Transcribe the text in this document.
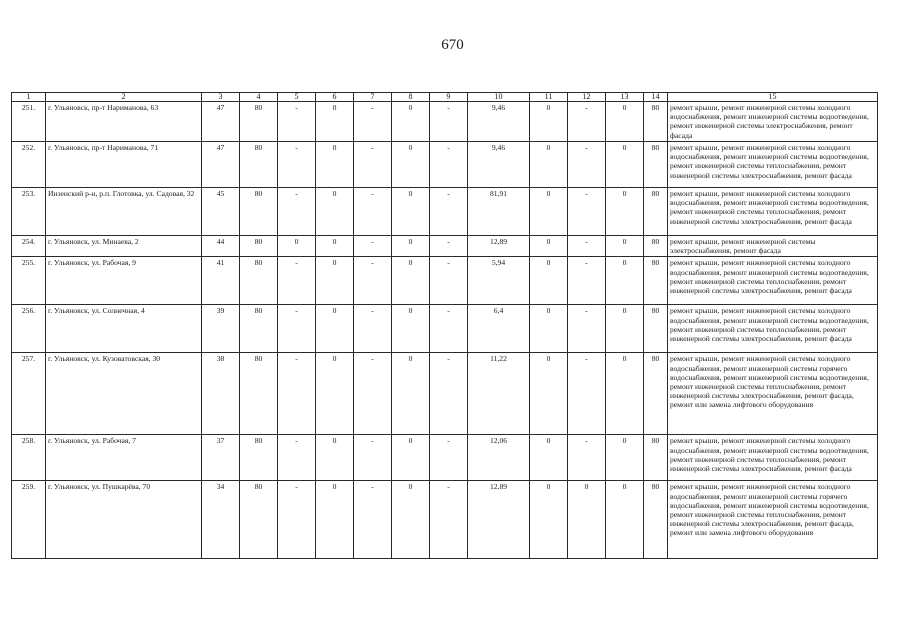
670
1	2	3	4	5	6	7	8	9	10	11	12	13	14	15
251.	г. Ульяновск, пр-т Нариманова, 63	47	80	-	0	-	0	-	9,46	0	-	0	80	ремонт крыши, ремонт инженерной системы холодного водоснабжения, ремонт инженерной системы водоотведения, ремонт инженерной системы электроснабжения, ремонт фасада
252.	г. Ульяновск, пр-т Нариманова, 71	47	80	-	0	-	0	-	9,46	0	-	0	80	ремонт крыши, ремонт инженерной системы холодного водоснабжения, ремонт инженерной системы водоотведения, ремонт инженерной системы теплоснабжения, ремонт инженерной системы электроснабжения, ремонт фасада
253.	Инзенский р-н, р.п. Глотовка, ул. Садовая, 32	45	80	-	0	-	0	-	81,91	0	-	0	80	ремонт крыши, ремонт инженерной системы холодного водоснабжения, ремонт инженерной системы водоотведения, ремонт инженерной системы теплоснабжения, ремонт инженерной системы электроснабжения, ремонт фасада
254.	г. Ульяновск, ул. Минаева, 2	44	80	0	0	-	0	-	12,89	0	-	0	80	ремонт крыши, ремонт инженерной системы электроснабжения, ремонт фасада
255.	г. Ульяновск, ул. Рабочая, 9	41	80	-	0	-	0	-	5,94	0	-	0	80	ремонт крыши, ремонт инженерной системы холодного водоснабжения, ремонт инженерной системы водоотведения, ремонт инженерной системы теплоснабжения, ремонт инженерной системы электроснабжения, ремонт фасада
256.	г. Ульяновск, ул. Солнечная, 4	39	80	-	0	-	0	-	6,4	0	-	0	80	ремонт крыши, ремонт инженерной системы холодного водоснабжения, ремонт инженерной системы водоотведения, ремонт инженерной системы теплоснабжения, ремонт инженерной системы электроснабжения, ремонт фасада
257.	г. Ульяновск, ул. Кузоватовская, 30	38	80	-	0	-	0	-	11,22	0	-	0	80	ремонт крыши, ремонт инженерной системы холодного водоснабжения, ремонт инженерной системы горячего водоснабжения, ремонт инженерной системы водоотведения, ремонт инженерной системы теплоснабжения, ремонт инженерной системы электроснабжения, ремонт фасада, ремонт или замена лифтового оборудования
258.	г. Ульяновск, ул. Рабочая, 7	37	80	-	0	-	0	-	12,06	0	-	0	80	ремонт крыши, ремонт инженерной системы холодного водоснабжения, ремонт инженерной системы водоотведения, ремонт инженерной системы теплоснабжения, ремонт инженерной системы электроснабжения, ремонт фасада
259.	г. Ульяновск, ул. Пушкарёва, 70	34	80	-	0	-	0	-	12,89	0	0	0	80	ремонт крыши, ремонт инженерной системы холодного водоснабжения, ремонт инженерной системы горячего водоснабжения, ремонт инженерной системы водоотведения, ремонт инженерной системы теплоснабжения, ремонт инженерной системы электроснабжения, ремонт фасада, ремонт или замена лифтового оборудования
